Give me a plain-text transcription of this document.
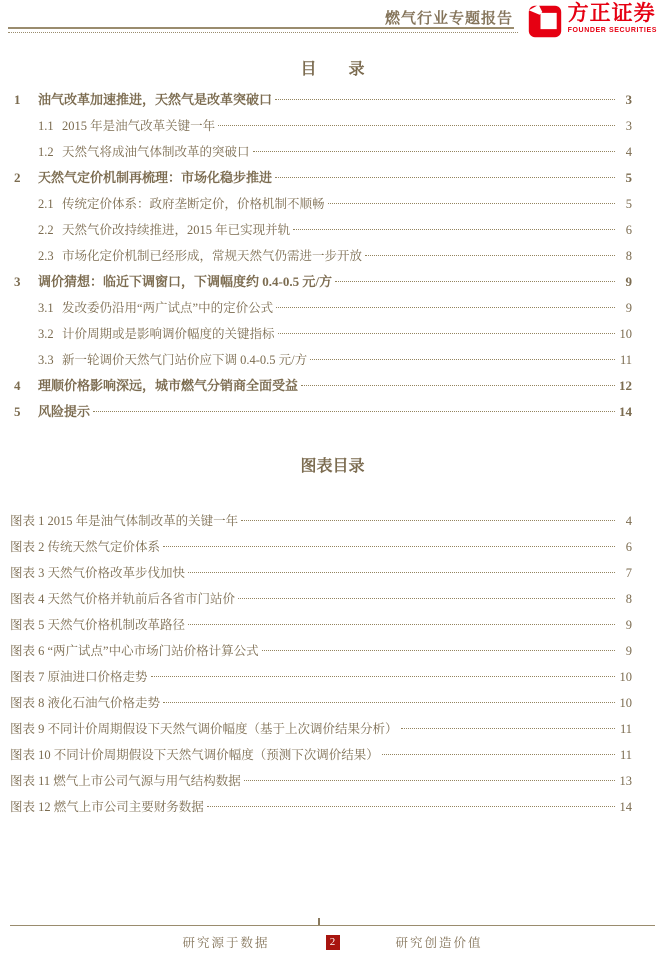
燃气行业专题报告	方正证券
FOUNDER SECURITIES
目　　录
1	油气改革加速推进，天然气是改革突破口	3
1.1 2015 年是油气改革关键一年	3
1.2 天然气将成油气体制改革的突破口	4
2	天然气定价机制再梳理：市场化稳步推进	5
2.1 传统定价体系：政府垄断定价，价格机制不顺畅	5
2.2 天然气价改持续推进，2015 年已实现并轨	6
2.3 市场化定价机制已经形成，常规天然气仍需进一步开放	8
3	调价猜想：临近下调窗口，下调幅度约 0.4-0.5 元/方	9
3.1 发改委仍沿用“两广试点”中的定价公式	9
3.2 计价周期或是影响调价幅度的关键指标	10
3.3 新一轮调价天然气门站价应下调 0.4-0.5 元/方	11
4	理顺价格影响深远，城市燃气分销商全面受益	12
5	风险提示	14
图表目录
图表 1 2015 年是油气体制改革的关键一年	4
图表 2 传统天然气定价体系	6
图表 3 天然气价格改革步伐加快	7
图表 4 天然气价格并轨前后各省市门站价	8
图表 5 天然气价格机制改革路径	9
图表 6 “两广试点”中心市场门站价格计算公式	9
图表 7 原油进口价格走势	10
图表 8 液化石油气价格走势	10
图表 9 不同计价周期假设下天然气调价幅度（基于上次调价结果分析）	11
图表 10 不同计价周期假设下天然气调价幅度（预测下次调价结果）	11
图表 11 燃气上市公司气源与用气结构数据	13
图表 12 燃气上市公司主要财务数据	14
研究源于数据	2	研究创造价值
